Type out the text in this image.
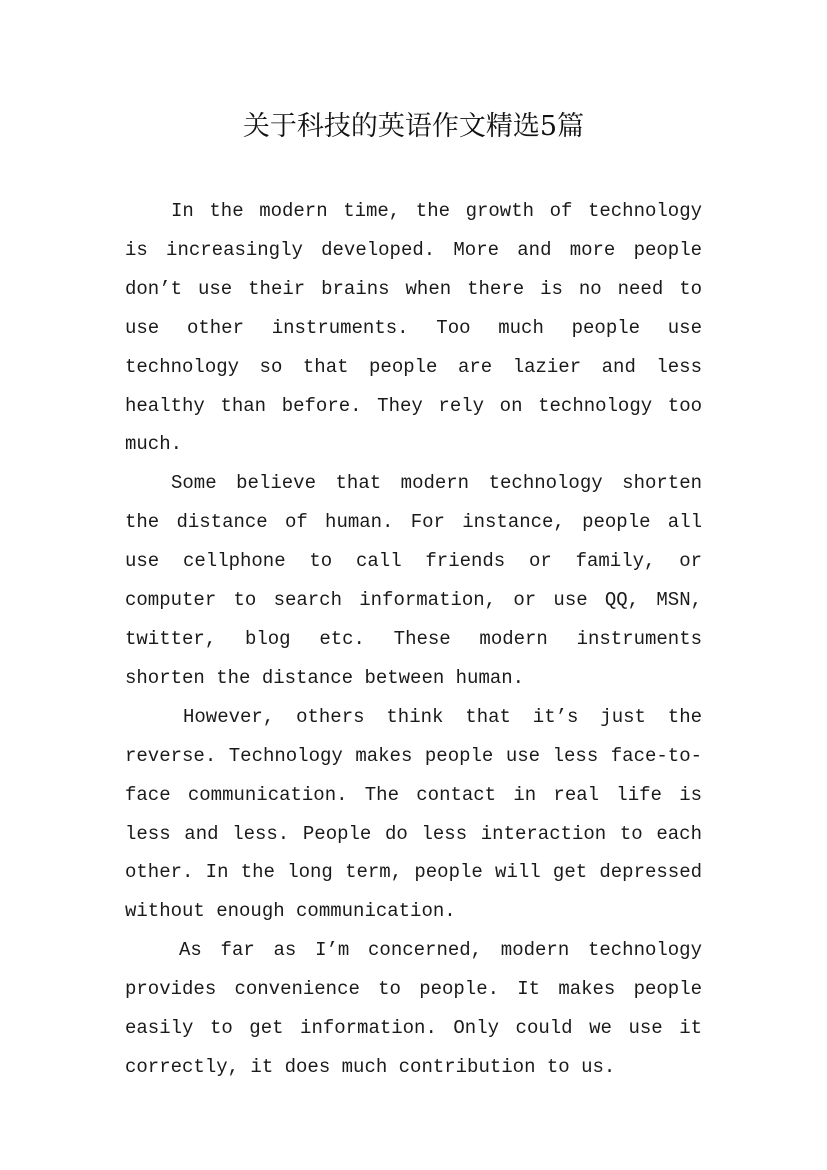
关于科技的英语作文精选5篇

In the modern time, the growth of technology is increasingly developed. More and more people don’t use their brains when there is no need to use other instruments. Too much people use technology so that people are lazier and less healthy than before. They rely on technology too much.

Some believe that modern technology shorten the distance of human. For instance, people all use cellphone to call friends or family, or computer to search information, or use QQ, MSN, twitter, blog etc. These modern instruments shorten the distance between human.

However, others think that it’s just the reverse. Technology makes people use less face-to-face communication. The contact in real life is less and less. People do less interaction to each other. In the long term, people will get depressed without enough communication.

As far as I’m concerned, modern technology provides convenience to people. It makes people easily to get information. Only could we use it correctly, it does much contribution to us.
